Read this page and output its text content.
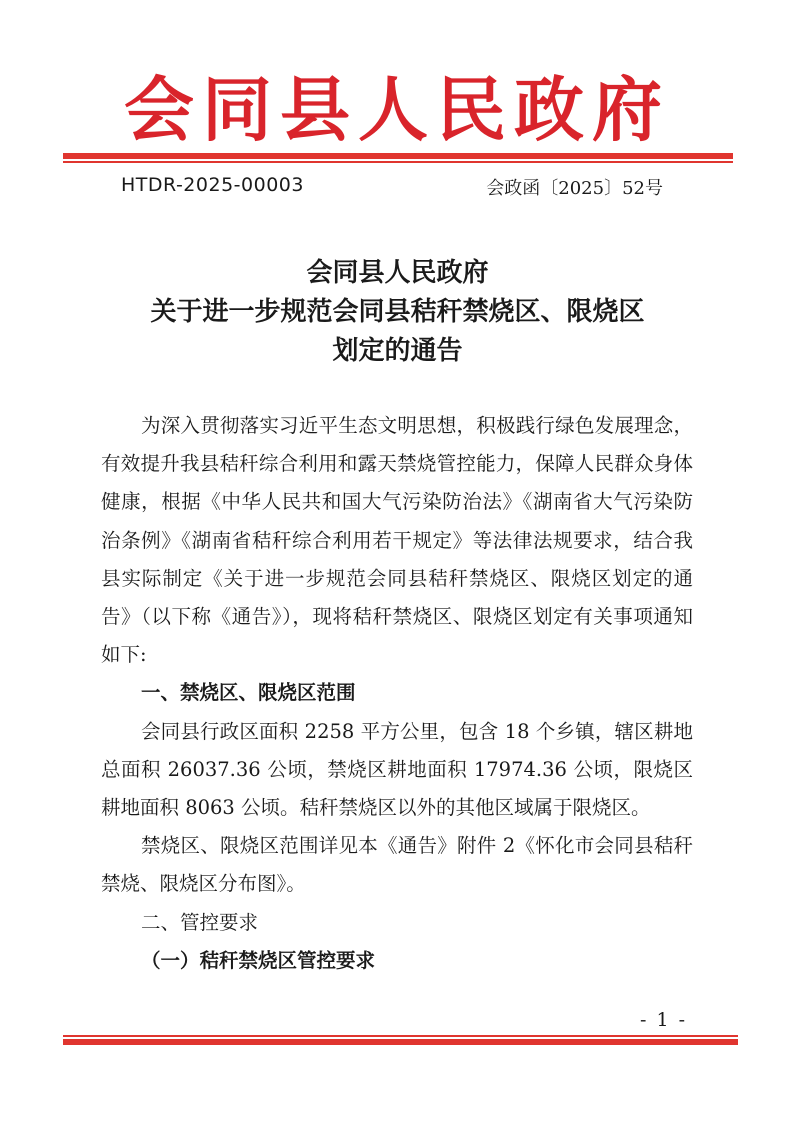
会同县人民政府
HTDR-2025-00003	会政函〔2025〕52号
会同县人民政府
关于进一步规范会同县秸秆禁烧区、限烧区
划定的通告

为深入贯彻落实习近平生态文明思想，积极践行绿色发展理念，有效提升我县秸秆综合利用和露天禁烧管控能力，保障人民群众身体健康，根据《中华人民共和国大气污染防治法》《湖南省大气污染防治条例》《湖南省秸秆综合利用若干规定》等法律法规要求，结合我县实际制定《关于进一步规范会同县秸秆禁烧区、限烧区划定的通告》（以下称《通告》），现将秸秆禁烧区、限烧区划定有关事项通知如下:

一、禁烧区、限烧区范围

会同县行政区面积 2258 平方公里，包含 18 个乡镇，辖区耕地总面积 26037.36 公顷，禁烧区耕地面积 17974.36 公顷，限烧区耕地面积 8063 公顷。秸秆禁烧区以外的其他区域属于限烧区。

禁烧区、限烧区范围详见本《通告》附件 2《怀化市会同县秸秆禁烧、限烧区分布图》。

二、管控要求

（一）秸秆禁烧区管控要求

- 1 -
